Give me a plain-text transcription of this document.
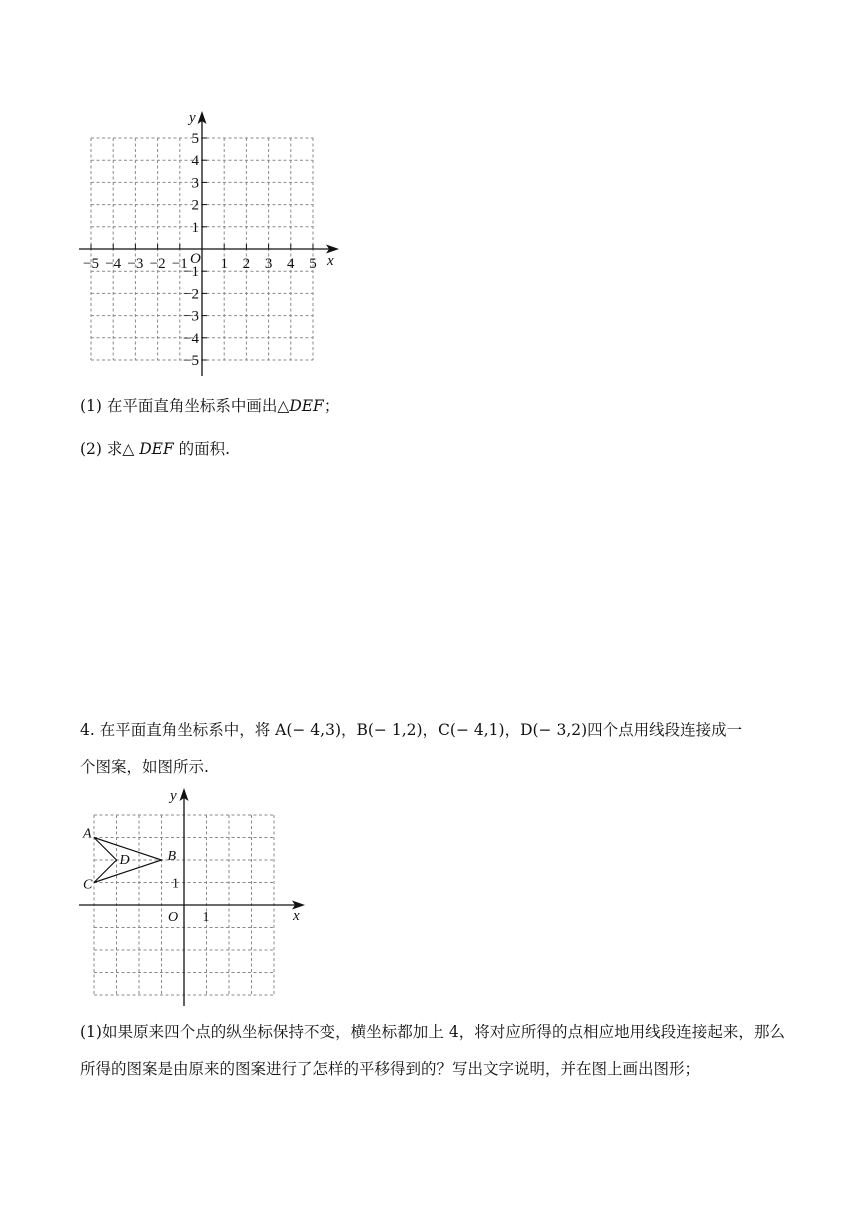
−5 −4 −3 −2 −1 1 2 3 4 5
5
4
3
2
1
−1
−2
−3
−4
−5
O	x
y
(1) 在平面直角坐标系中画出△DEF；
(2) 求△ DEF 的面积.
4. 在平面直角坐标系中，将 A(− 4,3)，B(− 1,2)，C(− 4,1)，D(− 3,2)四个点用线段连接成一
个图案，如图所示.
A
B
C
D
O 1
1
x
y
(1)如果原来四个点的纵坐标保持不变，横坐标都加上 4，将对应所得的点相应地用线段连接起来，那么所得的图案是由原来的图案进行了怎样的平移得到的？写出文字说明，并在图上画出图形；
